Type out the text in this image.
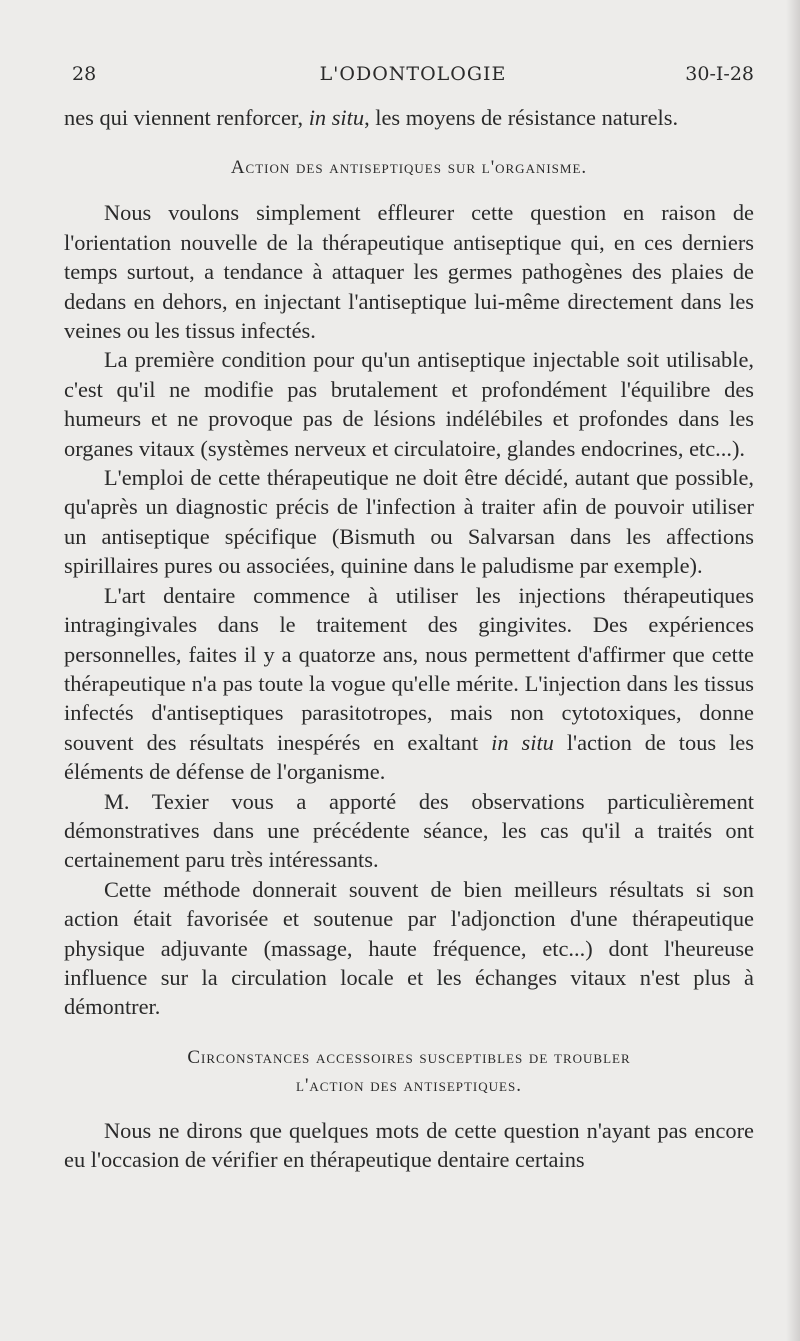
28	L'ODONTOLOGIE	30-I-28

nes qui viennent renforcer, in situ, les moyens de résistance naturels.

Action des antiseptiques sur l'organisme.

Nous voulons simplement effleurer cette question en raison de l'orientation nouvelle de la thérapeutique antiseptique qui, en ces derniers temps surtout, a tendance à attaquer les germes pathogènes des plaies de dedans en dehors, en injectant l'antiseptique lui-même directement dans les veines ou les tissus infectés.

La première condition pour qu'un antiseptique injectable soit utilisable, c'est qu'il ne modifie pas brutalement et profondément l'équilibre des humeurs et ne provoque pas de lésions indélébiles et profondes dans les organes vitaux (systèmes nerveux et circulatoire, glandes endocrines, etc...).

L'emploi de cette thérapeutique ne doit être décidé, autant que possible, qu'après un diagnostic précis de l'infection à traiter afin de pouvoir utiliser un antiseptique spécifique (Bismuth ou Salvarsan dans les affections spirillaires pures ou associées, quinine dans le paludisme par exemple).

L'art dentaire commence à utiliser les injections thérapeutiques intragingivales dans le traitement des gingivites. Des expériences personnelles, faites il y a quatorze ans, nous permettent d'affirmer que cette thérapeutique n'a pas toute la vogue qu'elle mérite. L'injection dans les tissus infectés d'antiseptiques parasitotropes, mais non cytotoxiques, donne souvent des résultats inespérés en exaltant in situ l'action de tous les éléments de défense de l'organisme.

M. Texier vous a apporté des observations particulièrement démonstratives dans une précédente séance, les cas qu'il a traités ont certainement paru très intéressants.

Cette méthode donnerait souvent de bien meilleurs résultats si son action était favorisée et soutenue par l'adjonction d'une thérapeutique physique adjuvante (massage, haute fréquence, etc...) dont l'heureuse influence sur la circulation locale et les échanges vitaux n'est plus à démontrer.

Circonstances accessoires susceptibles de troubler
l'action des antiseptiques.

Nous ne dirons que quelques mots de cette question n'ayant pas encore eu l'occasion de vérifier en thérapeutique dentaire certains
